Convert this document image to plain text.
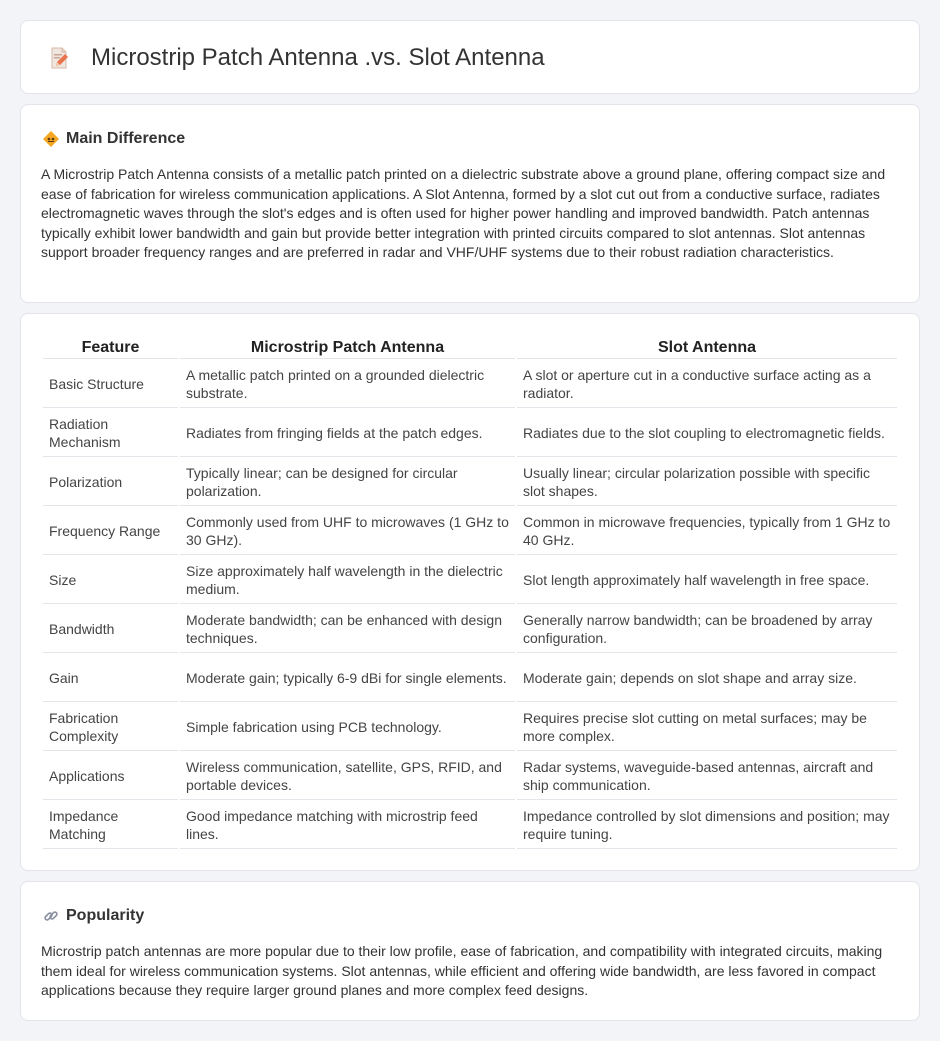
Microstrip Patch Antenna .vs. Slot Antenna
Main Difference

A Microstrip Patch Antenna consists of a metallic patch printed on a dielectric substrate above a ground plane, offering compact size and ease of fabrication for wireless communication applications. A Slot Antenna, formed by a slot cut out from a conductive surface, radiates electromagnetic waves through the slot's edges and is often used for higher power handling and improved bandwidth. Patch antennas typically exhibit lower bandwidth and gain but provide better integration with printed circuits compared to slot antennas. Slot antennas support broader frequency ranges and are preferred in radar and VHF/UHF systems due to their robust radiation characteristics.

Feature	Microstrip Patch Antenna	Slot Antenna
Basic Structure	A metallic patch printed on a grounded dielectric substrate.	A slot or aperture cut in a conductive surface acting as a radiator.
Radiation Mechanism	Radiates from fringing fields at the patch edges.	Radiates due to the slot coupling to electromagnetic fields.
Polarization	Typically linear; can be designed for circular polarization.	Usually linear; circular polarization possible with specific slot shapes.
Frequency Range	Commonly used from UHF to microwaves (1 GHz to 30 GHz).	Common in microwave frequencies, typically from 1 GHz to 40 GHz.
Size	Size approximately half wavelength in the dielectric medium.	Slot length approximately half wavelength in free space.
Bandwidth	Moderate bandwidth; can be enhanced with design techniques.	Generally narrow bandwidth; can be broadened by array configuration.
Gain	Moderate gain; typically 6-9 dBi for single elements.	Moderate gain; depends on slot shape and array size.
Fabrication Complexity	Simple fabrication using PCB technology.	Requires precise slot cutting on metal surfaces; may be more complex.
Applications	Wireless communication, satellite, GPS, RFID, and portable devices.	Radar systems, waveguide-based antennas, aircraft and ship communication.
Impedance Matching	Good impedance matching with microstrip feed lines.	Impedance controlled by slot dimensions and position; may require tuning.
Popularity

Microstrip patch antennas are more popular due to their low profile, ease of fabrication, and compatibility with integrated circuits, making them ideal for wireless communication systems. Slot antennas, while efficient and offering wide bandwidth, are less favored in compact applications because they require larger ground planes and more complex feed designs.
